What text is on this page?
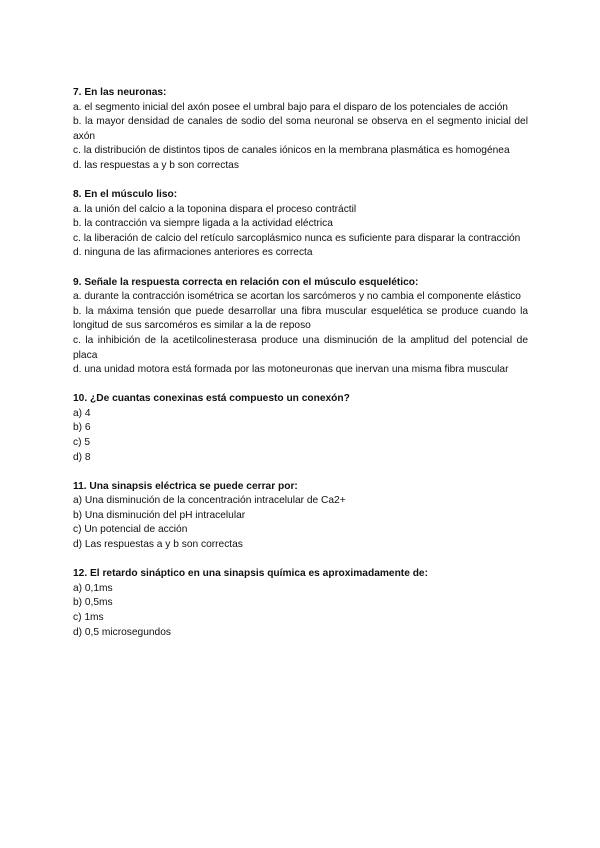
7. En las neuronas:
a. el segmento inicial del axón posee el umbral bajo para el disparo de los potenciales de acción
b. la mayor densidad de canales de sodio del soma neuronal se observa en el segmento inicial del axón
c. la distribución de distintos tipos de canales iónicos en la membrana plasmática es homogénea
d. las respuestas a y b son correctas
8. En el músculo liso:
a. la unión del calcio a la toponina dispara el proceso contráctil
b. la contracción va siempre ligada a la actividad eléctrica
c. la liberación de calcio del retículo sarcoplásmico nunca es suficiente para disparar la contracción
d. ninguna de las afirmaciones anteriores es correcta
9. Señale la respuesta correcta en relación con el músculo esquelético:
a. durante la contracción isométrica se acortan los sarcómeros y no cambia el componente elástico
b. la máxima tensión que puede desarrollar una fibra muscular esquelética se produce cuando la longitud de sus sarcoméros es similar a la de reposo
c. la inhibición de la acetilcolinesterasa produce una disminución de la amplitud del potencial de placa
d. una unidad motora está formada por las motoneuronas que inervan una misma fibra muscular
10. ¿De cuantas conexinas está compuesto un conexón?
a) 4
b) 6
c) 5
d) 8
11. Una sinapsis eléctrica se puede cerrar por:
a) Una disminución de la concentración intracelular de Ca2+
b) Una disminución del pH intracelular
c) Un potencial de acción
d) Las respuestas a y b son correctas
12. El retardo sináptico en una sinapsis química es aproximadamente de:
a) 0,1ms
b) 0,5ms
c) 1ms
d) 0,5 microsegundos
